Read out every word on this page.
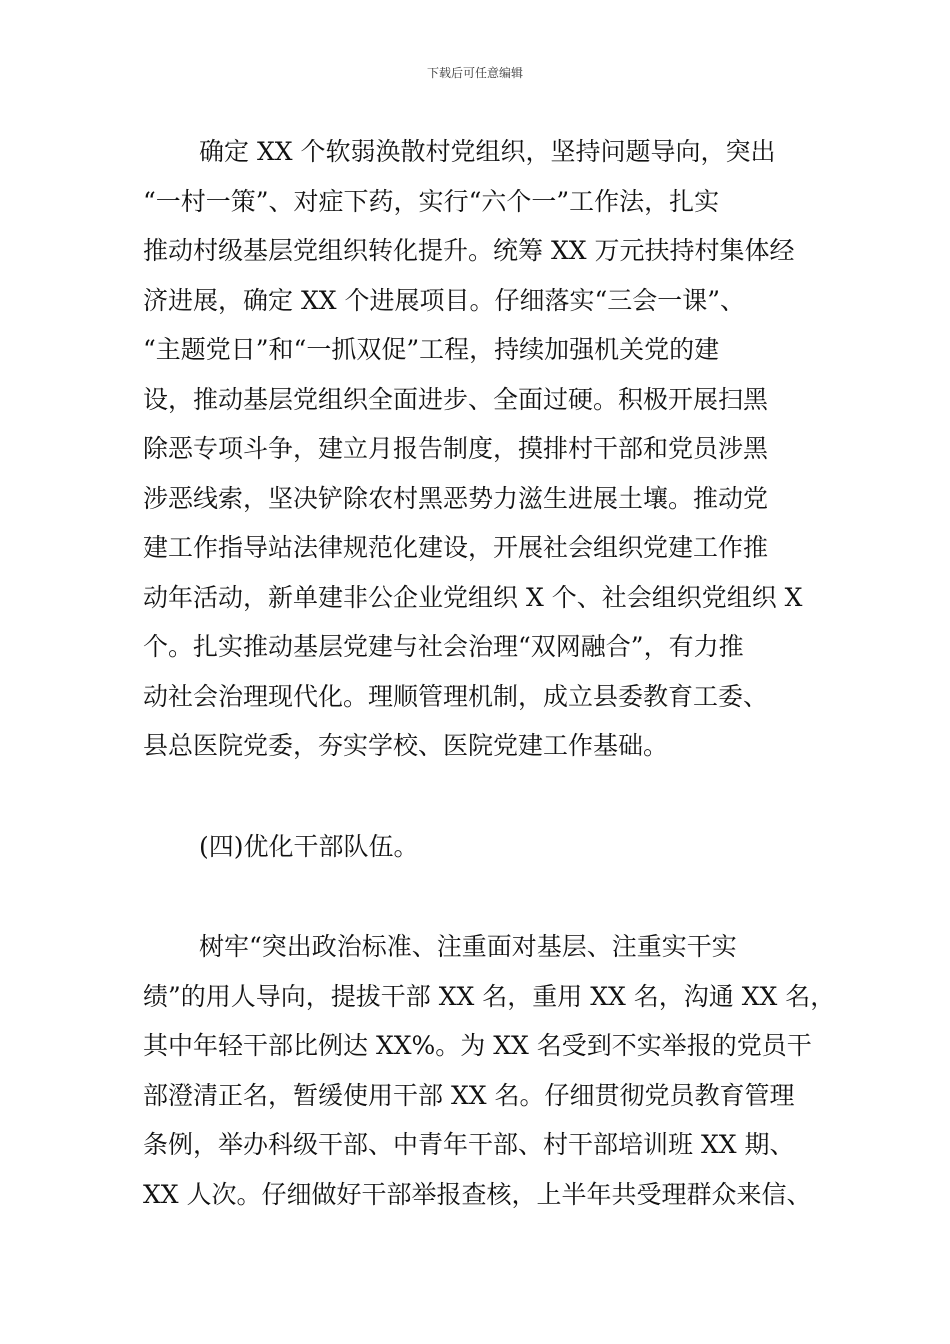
下载后可任意编辑
确定 XX 个软弱涣散村党组织，坚持问题导向，突出
“一村一策”、对症下药，实行“六个一”工作法，扎实
推动村级基层党组织转化提升。统筹 XX 万元扶持村集体经
济进展，确定 XX 个进展项目。仔细落实“三会一课”、
“主题党日”和“一抓双促”工程，持续加强机关党的建
设，推动基层党组织全面进步、全面过硬。积极开展扫黑
除恶专项斗争，建立月报告制度，摸排村干部和党员涉黑
涉恶线索，坚决铲除农村黑恶势力滋生进展土壤。推动党
建工作指导站法律规范化建设，开展社会组织党建工作推
动年活动，新单建非公企业党组织 X 个、社会组织党组织 X
个。扎实推动基层党建与社会治理“双网融合”，有力推
动社会治理现代化。理顺管理机制，成立县委教育工委、
县总医院党委，夯实学校、医院党建工作基础。
(四)优化干部队伍。
树牢“突出政治标准、注重面对基层、注重实干实
绩”的用人导向，提拔干部 XX 名，重用 XX 名，沟通 XX 名，
其中年轻干部比例达 XX%。为 XX 名受到不实举报的党员干
部澄清正名，暂缓使用干部 XX 名。仔细贯彻党员教育管理
条例，举办科级干部、中青年干部、村干部培训班 XX 期、
XX 人次。仔细做好干部举报查核，上半年共受理群众来信、
